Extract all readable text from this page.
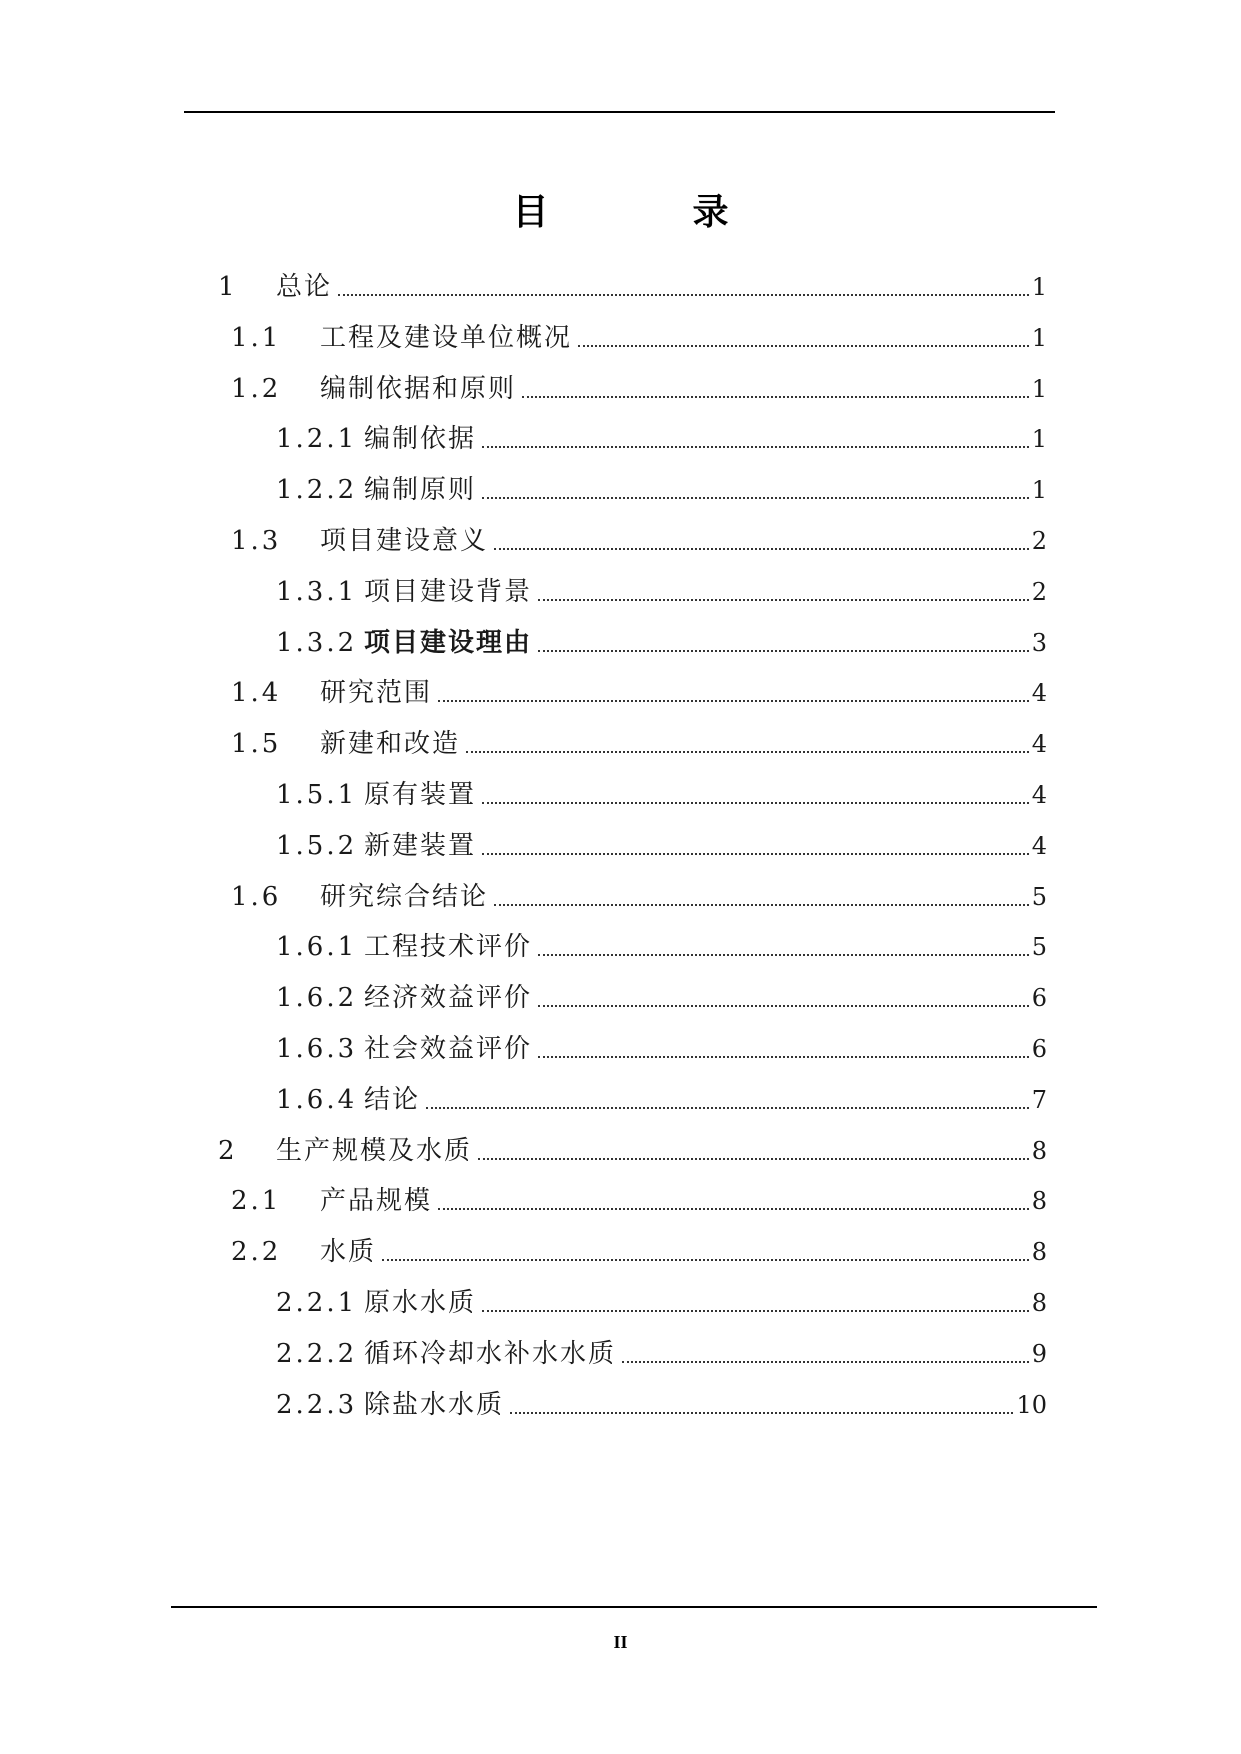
目　录
1	总论	1
1.1	工程及建设单位概况	1
1.2	编制依据和原则	1
1.2.1 编制依据	1
1.2.2 编制原则	1
1.3	项目建设意义	2
1.3.1 项目建设背景	2
1.3.2 项目建设理由	3
1.4	研究范围	4
1.5	新建和改造	4
1.5.1 原有装置	4
1.5.2 新建装置	4
1.6	研究综合结论	5
1.6.1 工程技术评价	5
1.6.2 经济效益评价	6
1.6.3 社会效益评价	6
1.6.4 结论	7
2	生产规模及水质	8
2.1	产品规模	8
2.2	水质	8
2.2.1 原水水质	8
2.2.2 循环冷却水补水水质	9
2.2.3 除盐水水质	10
II
